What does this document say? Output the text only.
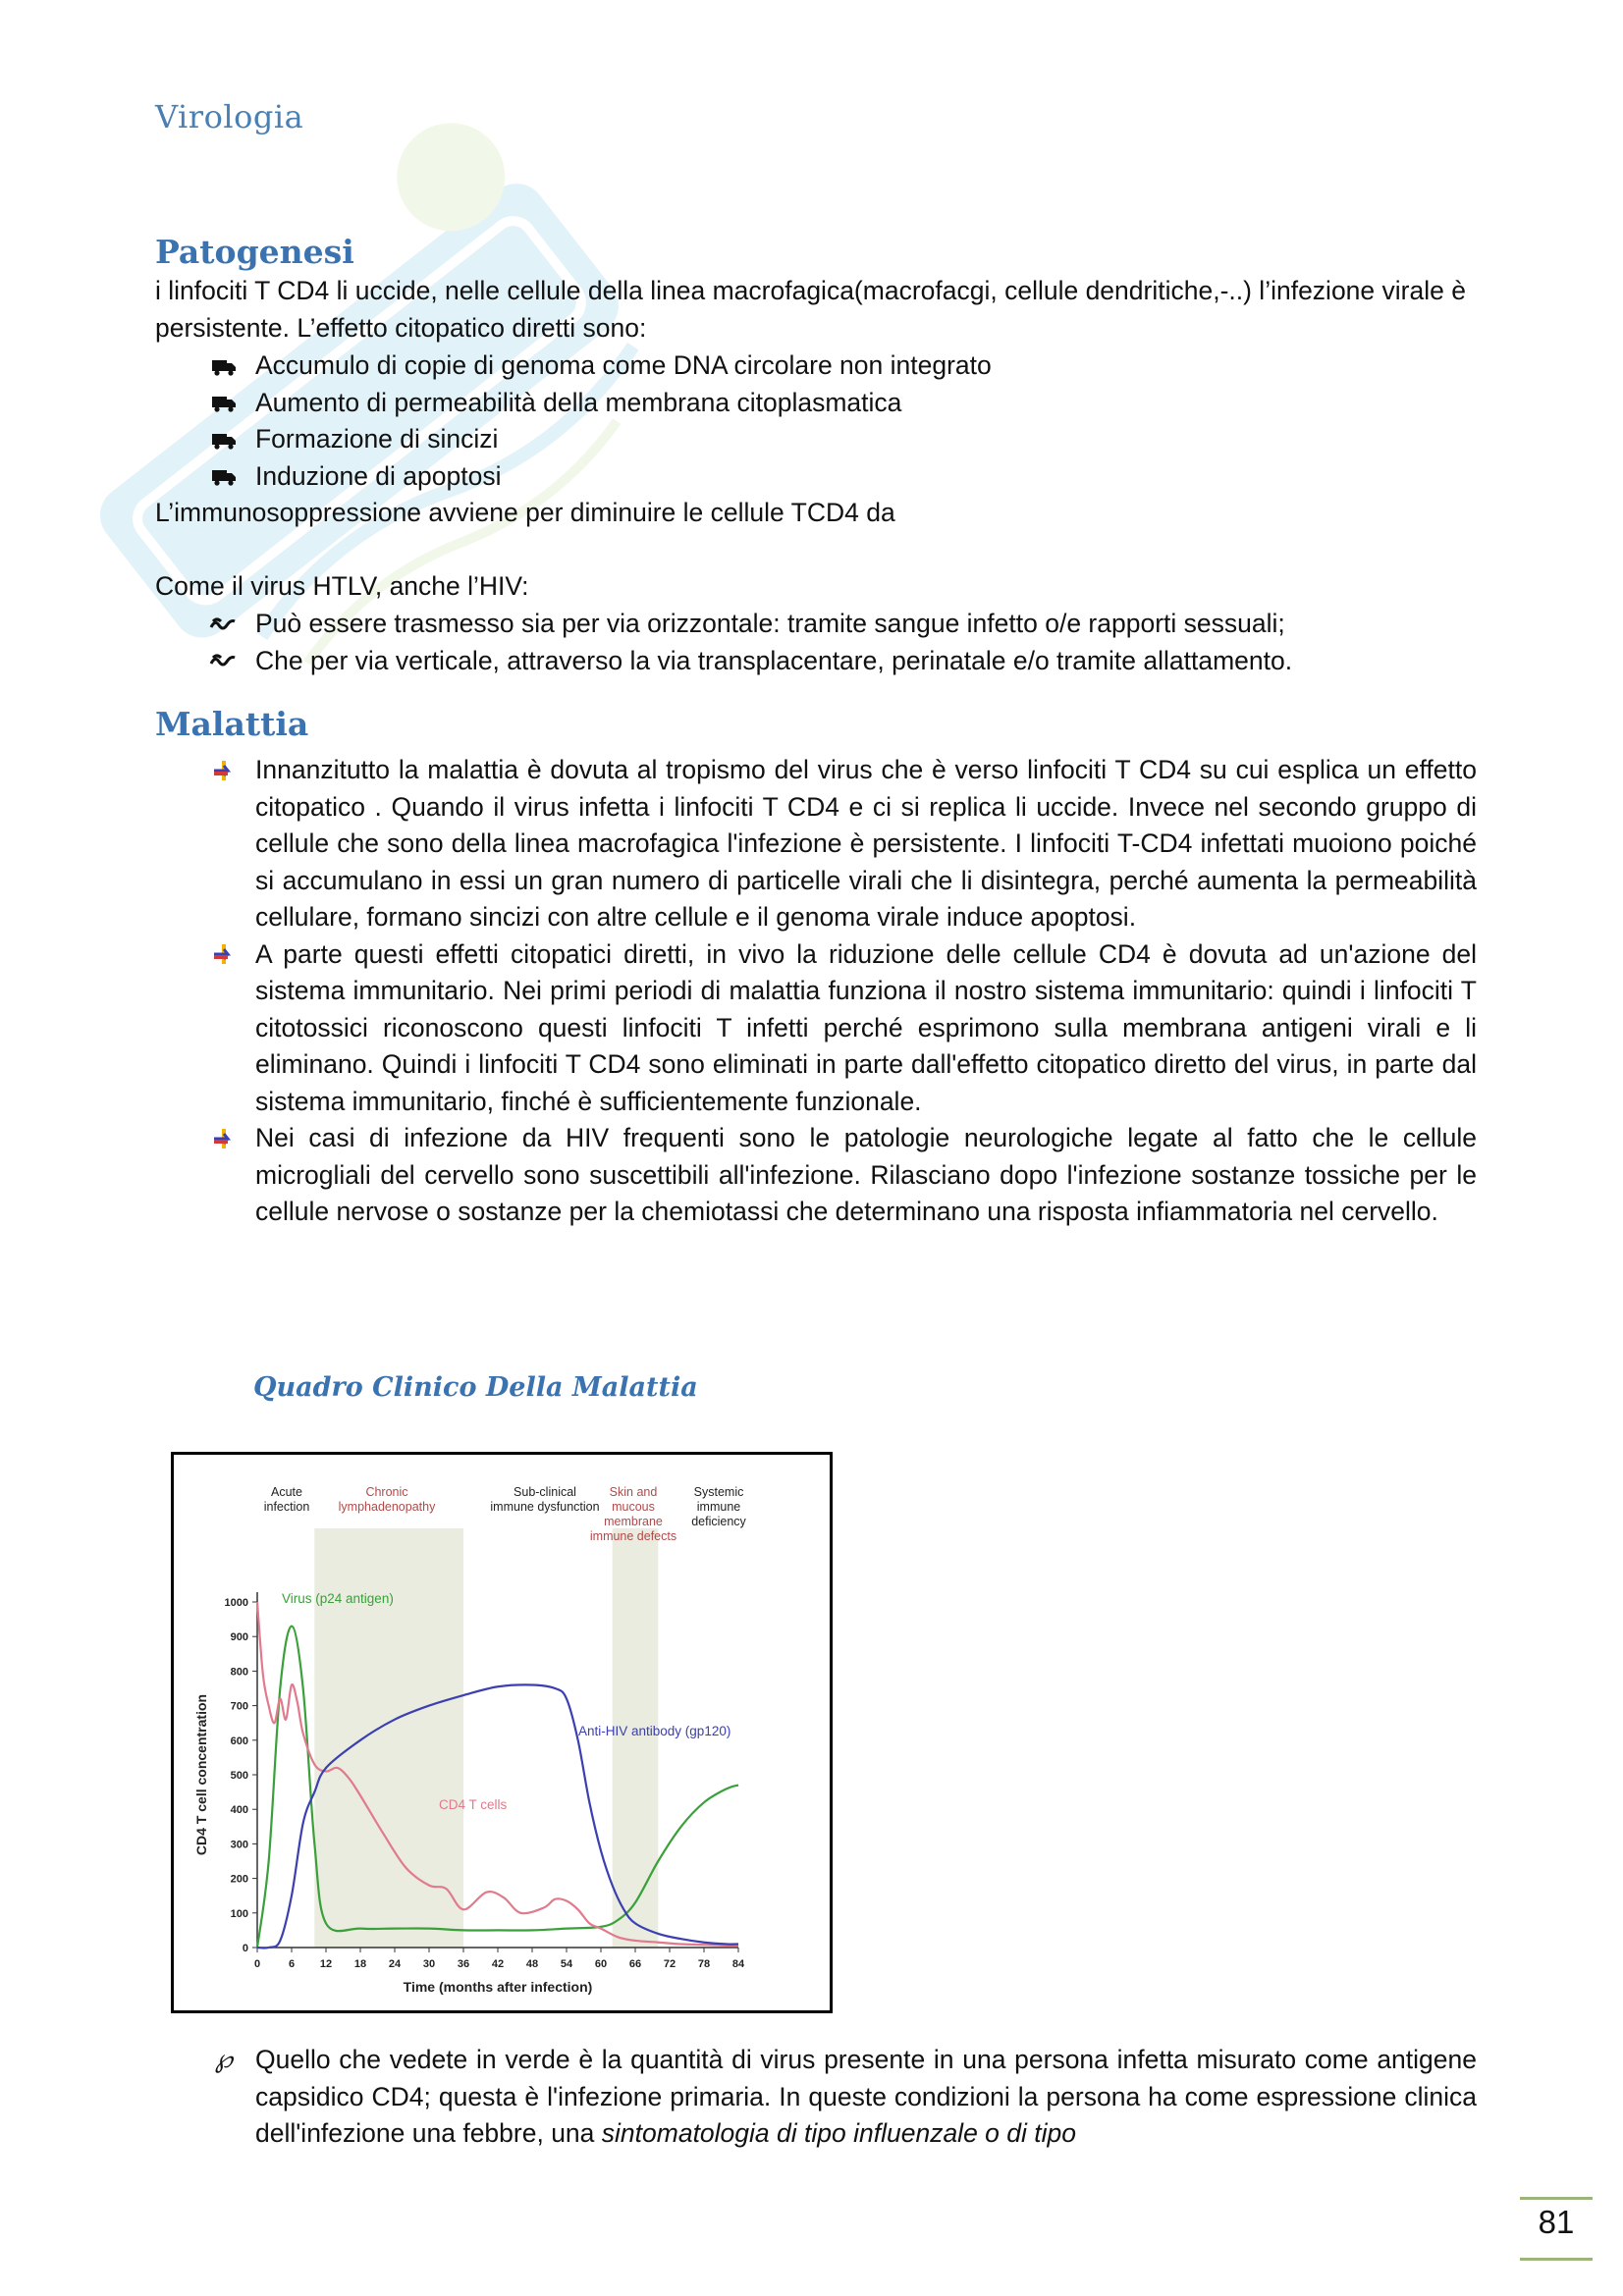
Virologia
Patogenesi
i linfociti T CD4 li uccide, nelle cellule della linea macrofagica(macrofacgi, cellule dendritiche,-..) l’infezione virale è persistente. L’effetto citopatico diretti sono:
Accumulo di copie di genoma come DNA circolare non integrato
Aumento di permeabilità della membrana citoplasmatica
Formazione di sincizi
Induzione di apoptosi
L’immunosoppressione avviene per diminuire le cellule TCD4 da
Come il virus HTLV, anche l’HIV:
Può essere trasmesso sia per via orizzontale: tramite sangue infetto o/e rapporti sessuali;
Che per via verticale, attraverso la via transplacentare, perinatale e/o tramite allattamento.
Malattia
Innanzitutto la malattia è dovuta al tropismo del virus che è verso linfociti T CD4 su cui esplica un effetto citopatico . Quando il virus infetta i linfociti T CD4 e ci si replica li uccide. Invece nel secondo gruppo di cellule che sono della linea macrofagica l'infezione è persistente. I linfociti T-CD4 infettati muoiono poiché si accumulano in essi un gran numero di particelle virali che li disintegra, perché aumenta la permeabilità cellulare, formano sincizi con altre cellule e il genoma virale induce apoptosi.
A parte questi effetti citopatici diretti, in vivo la riduzione delle cellule CD4 è dovuta ad un'azione del sistema immunitario. Nei primi periodi di malattia funziona il nostro sistema immunitario: quindi i linfociti T citotossici riconoscono questi linfociti T infetti perché esprimono sulla membrana antigeni virali e li eliminano. Quindi i linfociti T CD4 sono eliminati in parte dall'effetto citopatico diretto del virus, in parte dal sistema immunitario, finché è sufficientemente funzionale.
Nei casi di infezione da HIV frequenti sono le patologie neurologiche legate al fatto che le cellule microgliali del cervello sono suscettibili all'infezione. Rilasciano dopo l'infezione sostanze tossiche per le cellule nervose o sostanze per la chemiotassi che determinano una risposta infiammatoria nel cervello.
Quadro Clinico Della Malattia
Acute infection
Chronic lymphadenopathy
Sub-clinical immune dysfunction
Skin and mucous membrane immune defects
Systemic immune deficiency
0
100
200
300
400
500
600
700
800
900
1000
0	6 12 18 24 30 36 42 48 54 60 66 72 78 84
Time (months after infection)
CD4 T cell concentration
Virus (p24 antigen)
CD4 T cells
Anti-HIV antibody (gp120)
℘ Quello che vedete in verde è la quantità di virus presente in una persona infetta misurato come antigene capsidico CD4; questa è l'infezione primaria. In queste condizioni la persona ha come espressione clinica dell'infezione una febbre, una sintomatologia di tipo influenzale o di tipo
81
